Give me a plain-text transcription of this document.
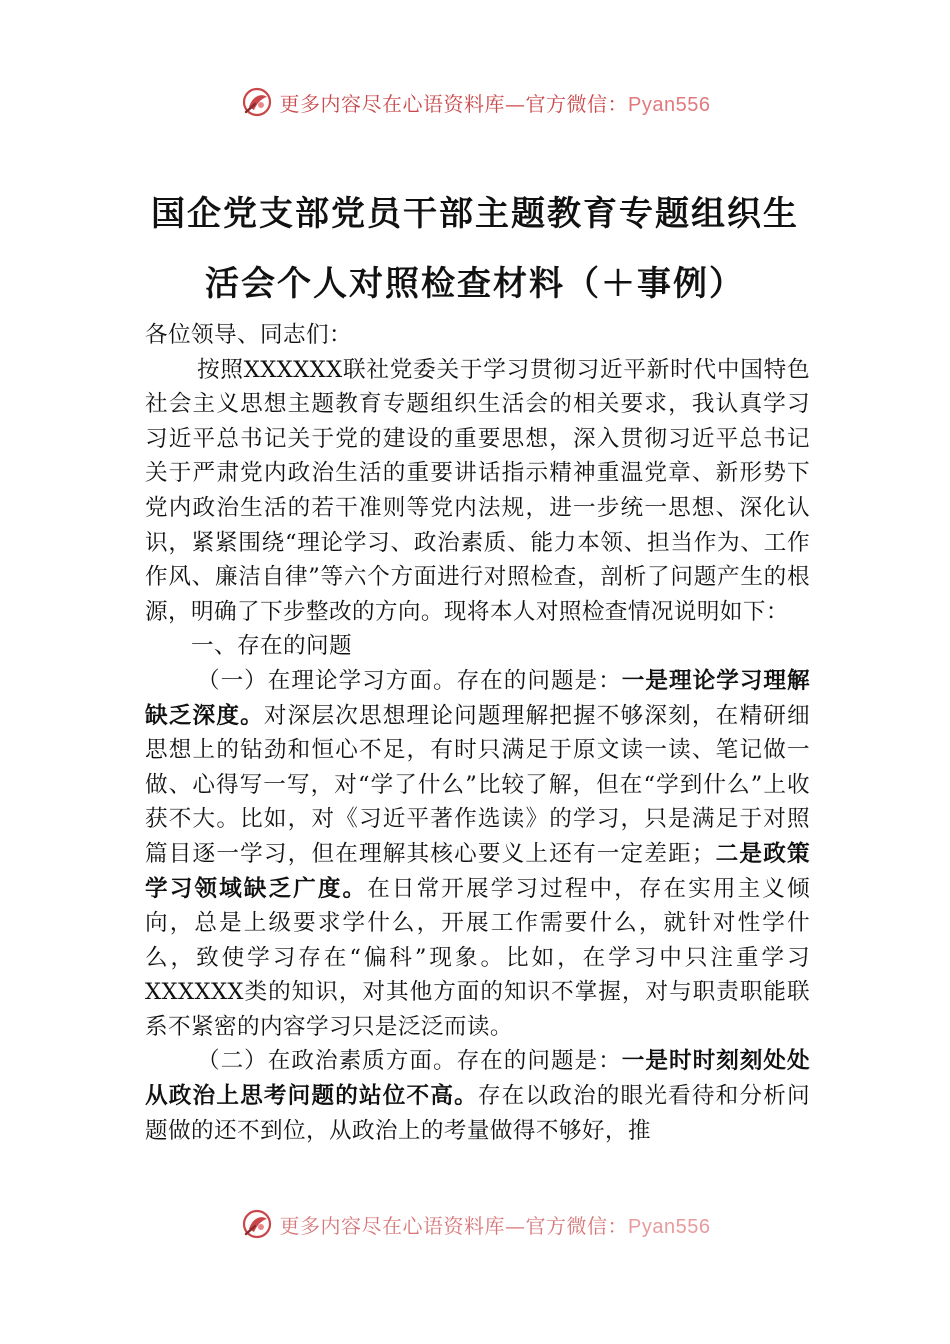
更多内容尽在心语资料库—官方微信：Pyan556
国企党支部党员干部主题教育专题组织生
活会个人对照检查材料（＋事例）

各位领导、同志们：

按照XXXXXX联社党委关于学习贯彻习近平新时代中国特色社会主义思想主题教育专题组织生活会的相关要求，我认真学习习近平总书记关于党的建设的重要思想，深入贯彻习近平总书记关于严肃党内政治生活的重要讲话指示精神重温党章、新形势下党内政治生活的若干准则等党内法规，进一步统一思想、深化认识，紧紧围绕“理论学习、政治素质、能力本领、担当作为、工作作风、廉洁自律”等六个方面进行对照检查，剖析了问题产生的根源，明确了下步整改的方向。现将本人对照检查情况说明如下：

一、存在的问题

（一）在理论学习方面。存在的问题是：一是理论学习理解缺乏深度。对深层次思想理论问题理解把握不够深刻，在精研细思想上的钻劲和恒心不足，有时只满足于原文读一读、笔记做一做、心得写一写，对“学了什么”比较了解，但在“学到什么”上收获不大。比如，对《习近平著作选读》的学习，只是满足于对照篇目逐一学习，但在理解其核心要义上还有一定差距；二是政策学习领域缺乏广度。在日常开展学习过程中，存在实用主义倾向，总是上级要求学什么，开展工作需要什么，就针对性学什么，致使学习存在“偏科”现象。比如，在学习中只注重学习XXXXXX类的知识，对其他方面的知识不掌握，对与职责职能联系不紧密的内容学习只是泛泛而读。

（二）在政治素质方面。存在的问题是：一是时时刻刻处处从政治上思考问题的站位不高。存在以政治的眼光看待和分析问题做的还不到位，从政治上的考量做得不够好，推

更多内容尽在心语资料库—官方微信：Pyan556
